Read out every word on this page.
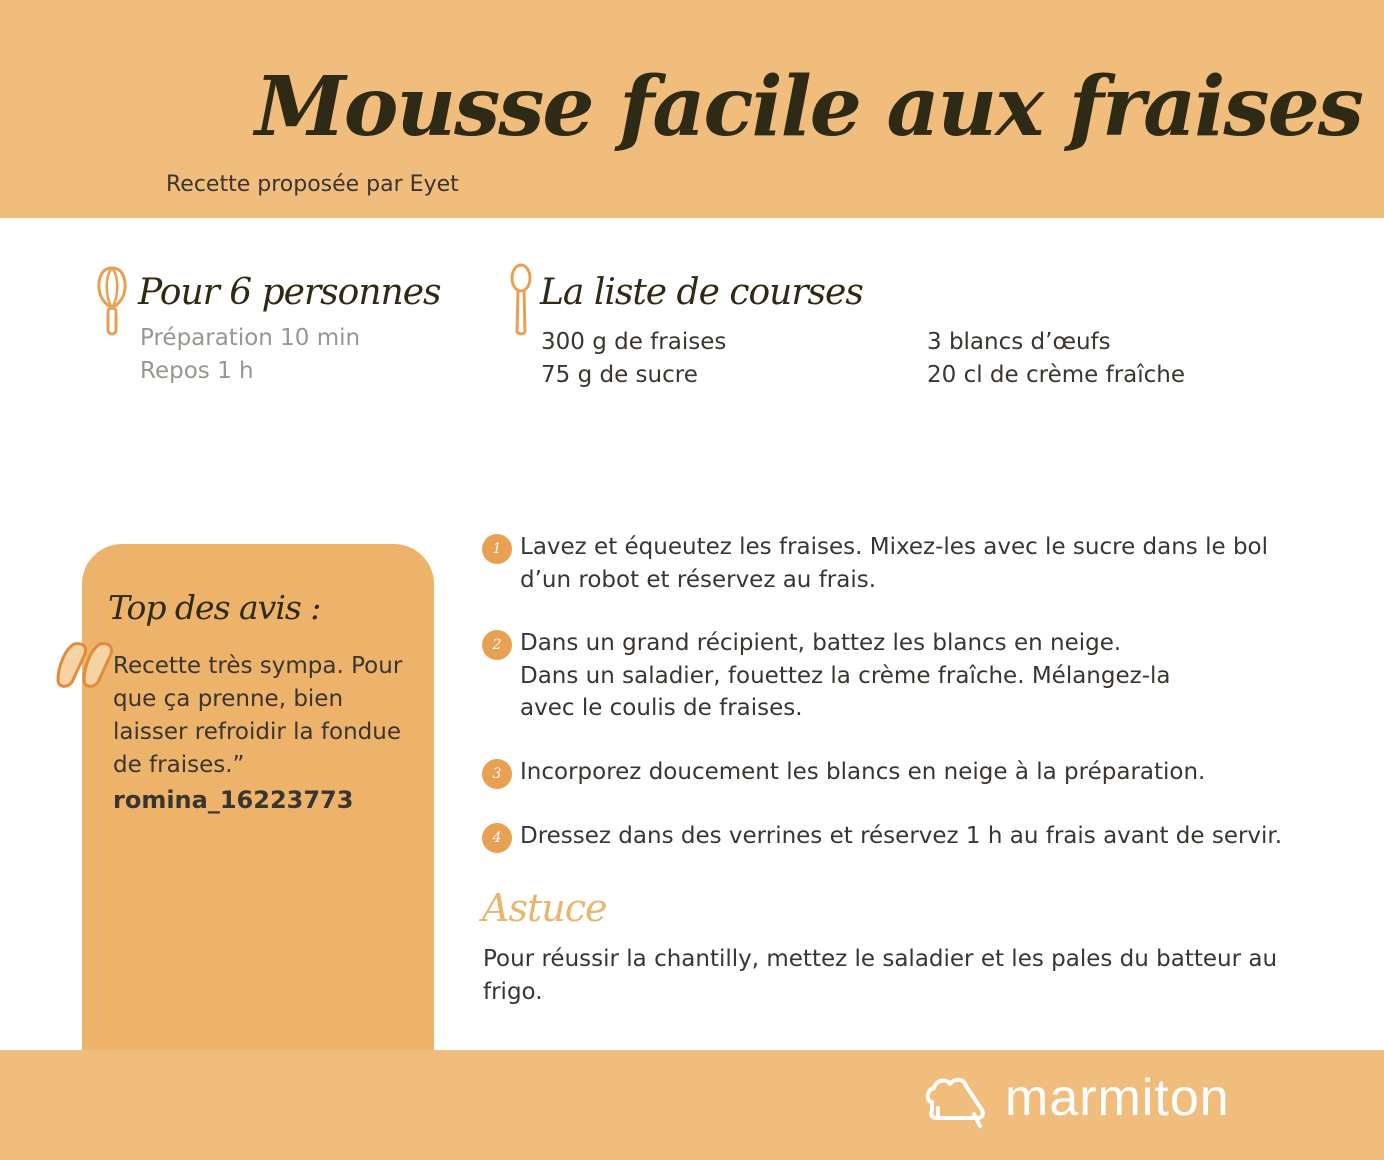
Mousse facile aux fraises
Recette proposée par Eyet
Pour 6 personnes
Préparation 10 min
Repos 1 h
La liste de courses
300 g de fraises
75 g de sucre
3 blancs d’œufs
20 cl de crème fraîche
Top des avis :
Recette très sympa. Pour que ça prenne, bien laisser refroidir la fondue de fraises.”
romina_16223773
1 Lavez et équeutez les fraises. Mixez-les avec le sucre dans le bol
d’un robot et réservez au frais.
2 Dans un grand récipient, battez les blancs en neige.
Dans un saladier, fouettez la crème fraîche. Mélangez-la
avec le coulis de fraises.
3 Incorporez doucement les blancs en neige à la préparation.
4 Dressez dans des verrines et réservez 1 h au frais avant de servir.
Astuce
Pour réussir la chantilly, mettez le saladier et les pales du batteur au frigo.
marmiton
